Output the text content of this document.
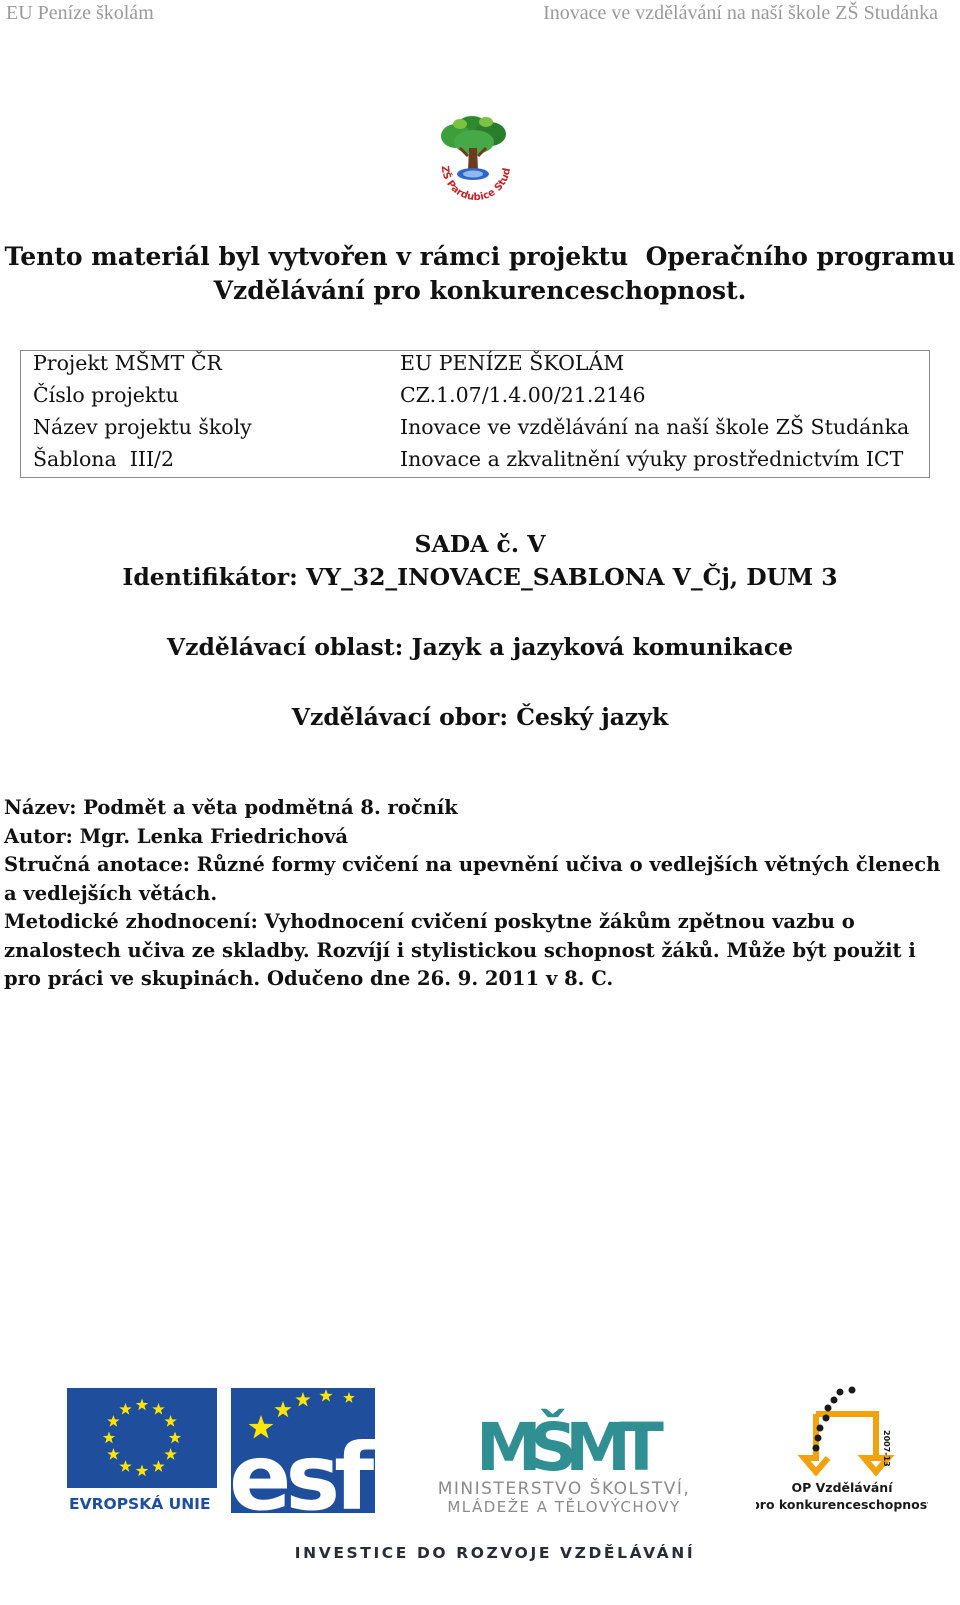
EU Peníze školám	Inovace ve vzdělávání na naší škole ZŠ Studánka
ZŠ Pardubice Stud
Tento materiál byl vytvořen v rámci projektu  Operačního programu
Vzdělávání pro konkurenceschopnost.
Projekt MŠMT ČR	EU PENÍZE ŠKOLÁM
Číslo projektu	CZ.1.07/1.4.00/21.2146
Název projektu školy	Inovace ve vzdělávání na naší škole ZŠ Studánka
Šablona  III/2	Inovace a zkvalitnění výuky prostřednictvím ICT
SADA č. V
Identifikátor: VY_32_INOVACE_SABLONA V_Čj, DUM 3
Vzdělávací oblast: Jazyk a jazyková komunikace
Vzdělávací obor: Český jazyk

Název: Podmět a věta podmětná 8. ročník

Autor: Mgr. Lenka Friedrichová

Stručná anotace: Různé formy cvičení na upevnění učiva o vedlejších větných členech a vedlejších větách.

Metodické zhodnocení: Vyhodnocení cvičení poskytne žákům zpětnou vazbu o znalostech učiva ze skladby. Rozvíjí i stylistickou schopnost žáků. Může být použit i pro práci ve skupinách. Odučeno dne 26. 9. 2011 v 8. C.

EVROPSKÁ UNIE esf MŠMT
MINISTERSTVO ŠKOLSTVÍ,
MLÁDEŽE A TĚLOVÝCHOVY
2007-13
OP Vzdělávání
pro konkurenceschopnost
INVESTICE DO ROZVOJE VZDĚLÁVÁNÍ
